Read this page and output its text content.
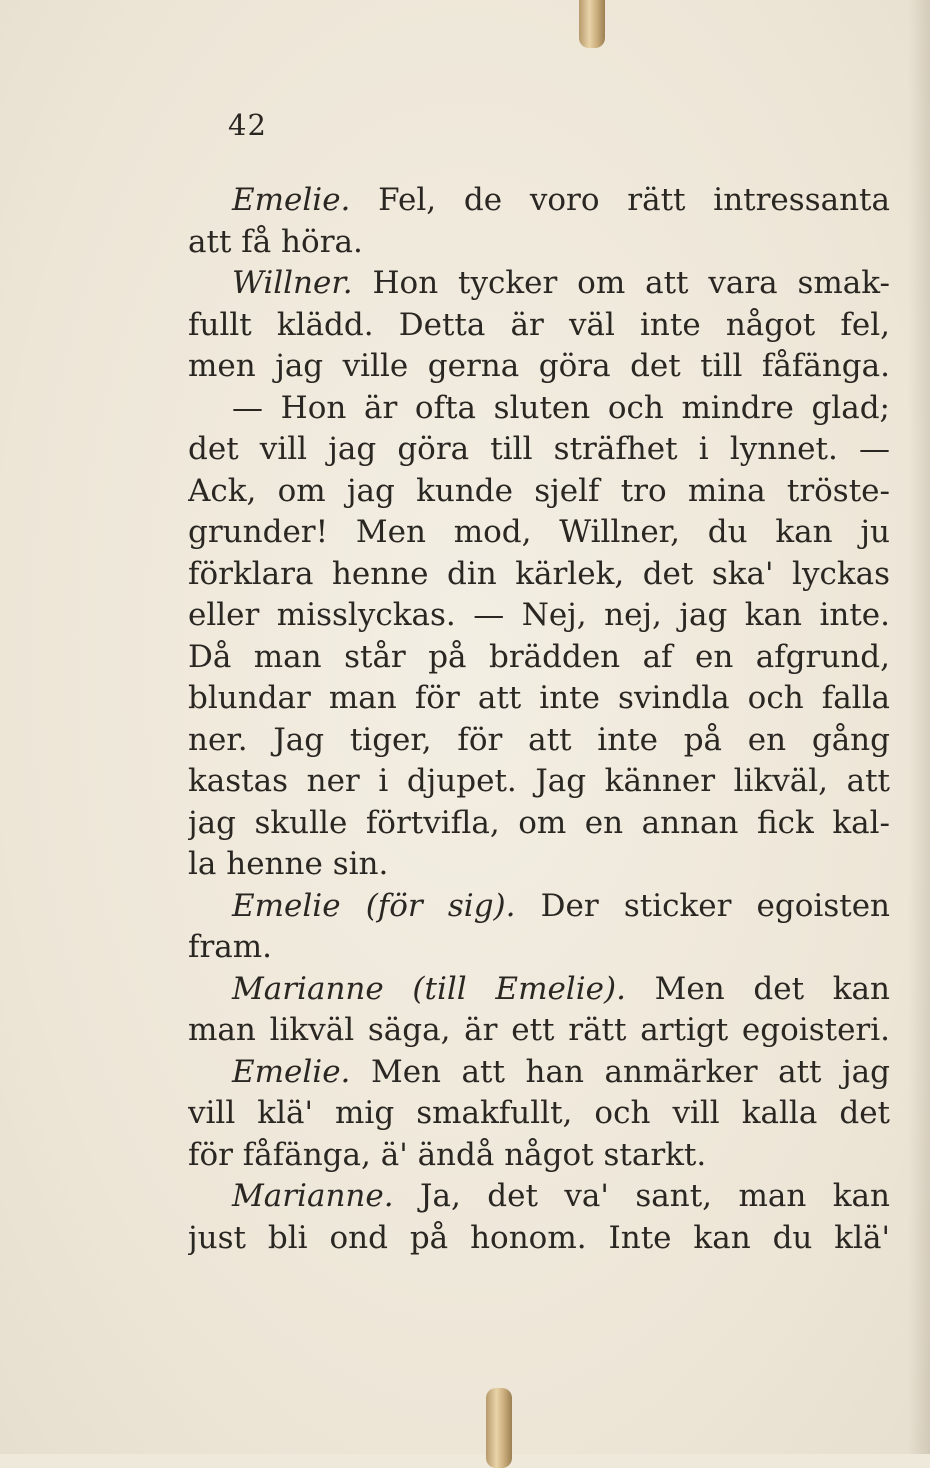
42
Emelie. Fel, de voro rätt intressanta
att få höra.
Willner. Hon tycker om att vara smak-
fullt klädd. Detta är väl inte något fel,
men jag ville gerna göra det till fåfänga.
— Hon är ofta sluten och mindre glad;
det vill jag göra till sträfhet i lynnet. —
Ack, om jag kunde sjelf tro mina tröste-
grunder! Men mod, Willner, du kan ju
förklara henne din kärlek, det ska' lyckas
eller misslyckas. — Nej, nej, jag kan inte.
Då man står på brädden af en afgrund,
blundar man för att inte svindla och falla
ner. Jag tiger, för att inte på en gång
kastas ner i djupet. Jag känner likväl, att
jag skulle förtvifla, om en annan fick kal-
la henne sin.
Emelie (för sig). Der sticker egoisten
fram.
Marianne (till Emelie). Men det kan
man likväl säga, är ett rätt artigt egoisteri.
Emelie. Men att han anmärker att jag
vill klä' mig smakfullt, och vill kalla det
för fåfänga, ä' ändå något starkt.
Marianne. Ja, det va' sant, man kan
just bli ond på honom. Inte kan du klä'
